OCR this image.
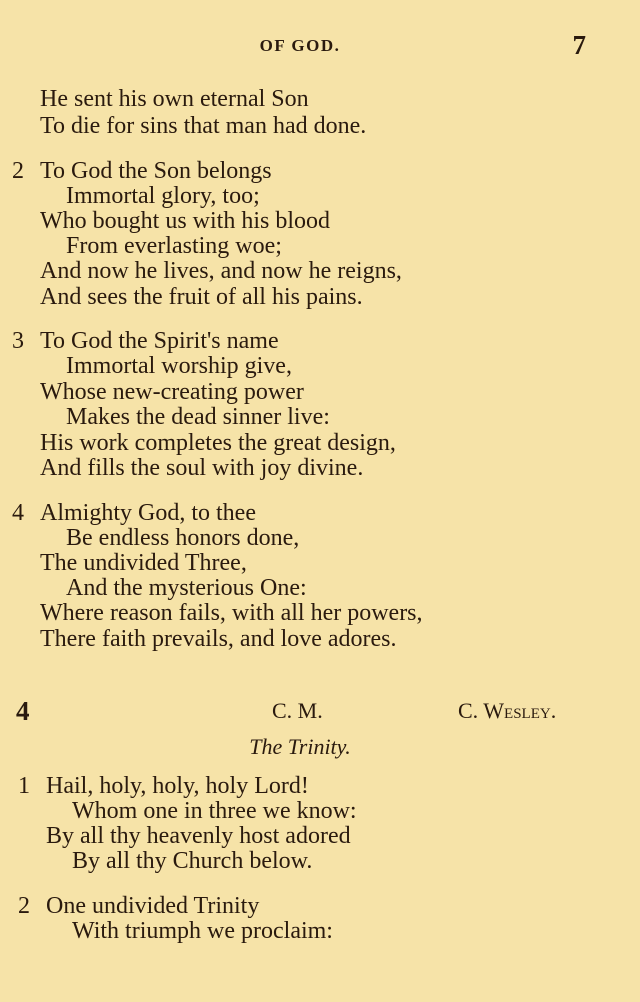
OF GOD.	7
He sent his own eternal Son
To die for sins that man had done.
2 To God the Son belongs
Immortal glory, too;
Who bought us with his blood
From everlasting woe;
And now he lives, and now he reigns,
And sees the fruit of all his pains.
3 To God the Spirit's name
Immortal worship give,
Whose new-creating power
Makes the dead sinner live:
His work completes the great design,
And fills the soul with joy divine.
4 Almighty God, to thee
Be endless honors done,
The undivided Three,
And the mysterious One:
Where reason fails, with all her powers,
There faith prevails, and love adores.
4	C. M.	C. Wesley.
The Trinity.
1 Hail, holy, holy, holy Lord!
Whom one in three we know:
By all thy heavenly host adored
By all thy Church below.
2 One undivided Trinity
With triumph we proclaim:
